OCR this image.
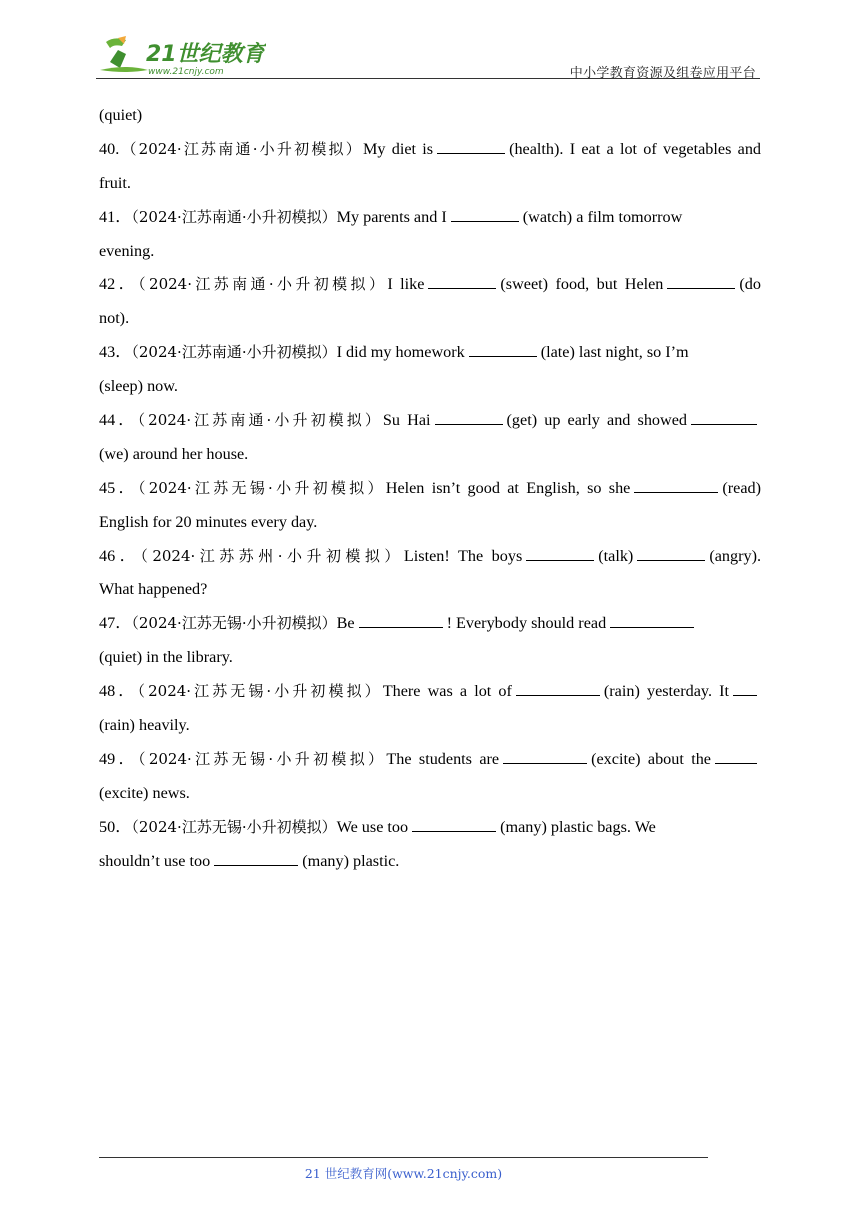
21世纪教育
www.21cnjy.com	中小学教育资源及组卷应用平台
(quiet)
40.（2024·江苏南通·小升初模拟）My diet is	(health). I eat a lot of vegetables and
fruit.
41．（2024·江苏南通·小升初模拟）My parents and I	(watch) a film tomorrow
evening.
42．（2024·江苏南通·小升初模拟）I like	(sweet) food, but Helen	(do
not).
43．（2024·江苏南通·小升初模拟）I did my homework	(late) last night, so I’m
(sleep) now.
44．（2024·江苏南通·小升初模拟）Su Hai	(get) up early and showed
(we) around her house.
45．（2024·江苏无锡·小升初模拟）Helen isn’t good at English, so she	(read)
English for 20 minutes every day.
46．（2024·江苏苏州·小升初模拟）Listen! The boys	(talk)	(angry).
What happened?
47．（2024·江苏无锡·小升初模拟）Be	! Everybody should read
(quiet) in the library.
48．（2024·江苏无锡·小升初模拟）There was a lot of	(rain) yesterday. It
(rain) heavily.
49．（2024·江苏无锡·小升初模拟）The students are	(excite) about the
(excite) news.
50．（2024·江苏无锡·小升初模拟）We use too	(many) plastic bags. We
shouldn’t use too	(many) plastic.
21 世纪教育网(www.21cnjy.com)
